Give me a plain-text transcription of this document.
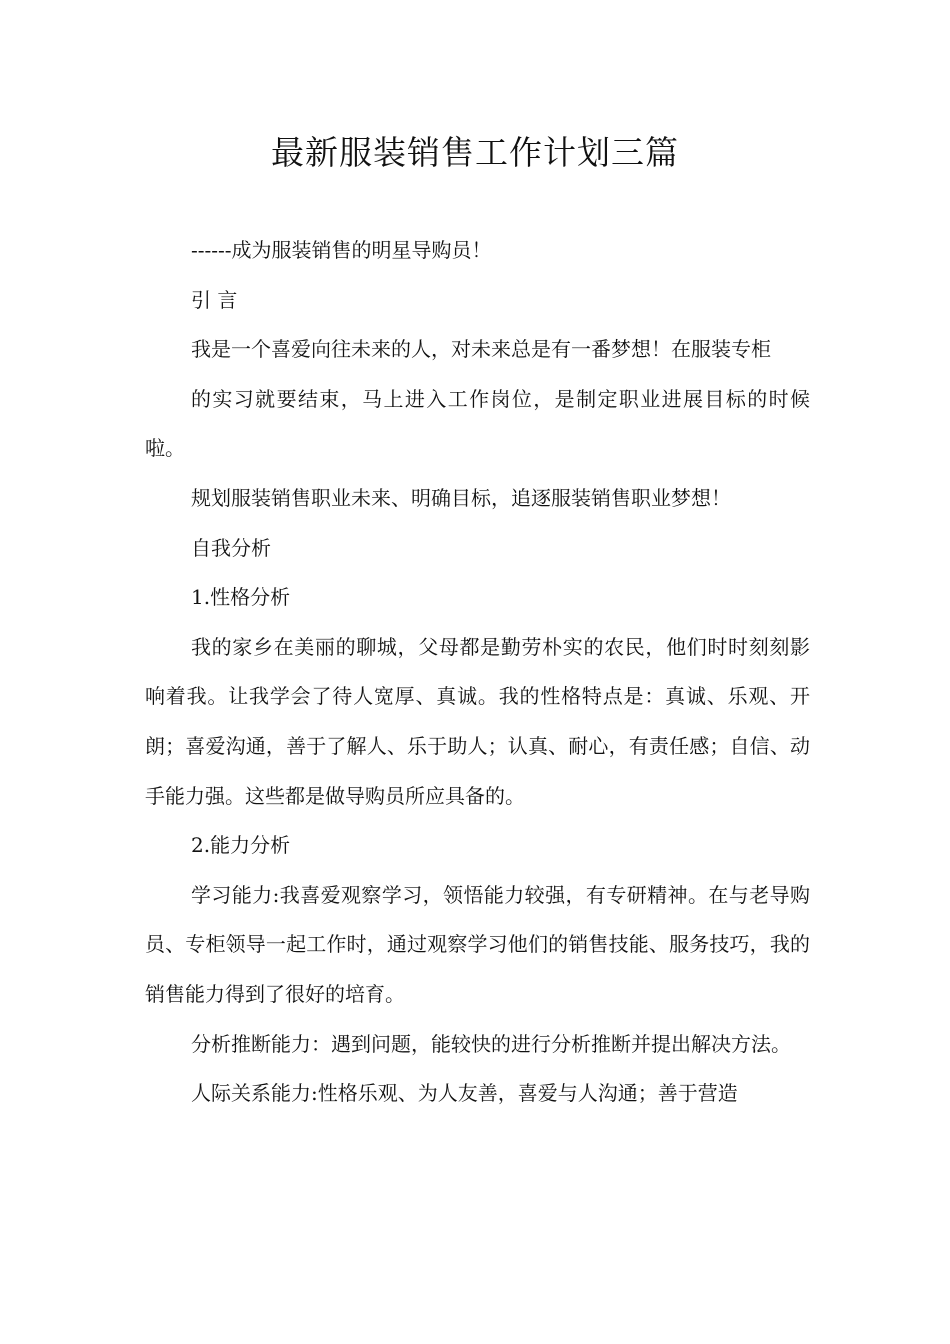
最新服装销售工作计划三篇

------成为服装销售的明星导购员！

引 言

我是一个喜爱向往未来的人，对未来总是有一番梦想！在服装专柜

的实习就要结束，马上进入工作岗位，是制定职业进展目标的时候啦。

规划服装销售职业未来、明确目标，追逐服装销售职业梦想！

自我分析

1.性格分析

我的家乡在美丽的聊城，父母都是勤劳朴实的农民，他们时时刻刻影响着我。让我学会了待人宽厚、真诚。我的性格特点是：真诚、乐观、开朗；喜爱沟通，善于了解人、乐于助人；认真、耐心，有责任感；自信、动手能力强。这些都是做导购员所应具备的。

2.能力分析

学习能力:我喜爱观察学习，领悟能力较强，有专研精神。在与老导购员、专柜领导一起工作时，通过观察学习他们的销售技能、服务技巧，我的销售能力得到了很好的培育。

分析推断能力：遇到问题，能较快的进行分析推断并提出解决方法。

人际关系能力:性格乐观、为人友善，喜爱与人沟通；善于营造
